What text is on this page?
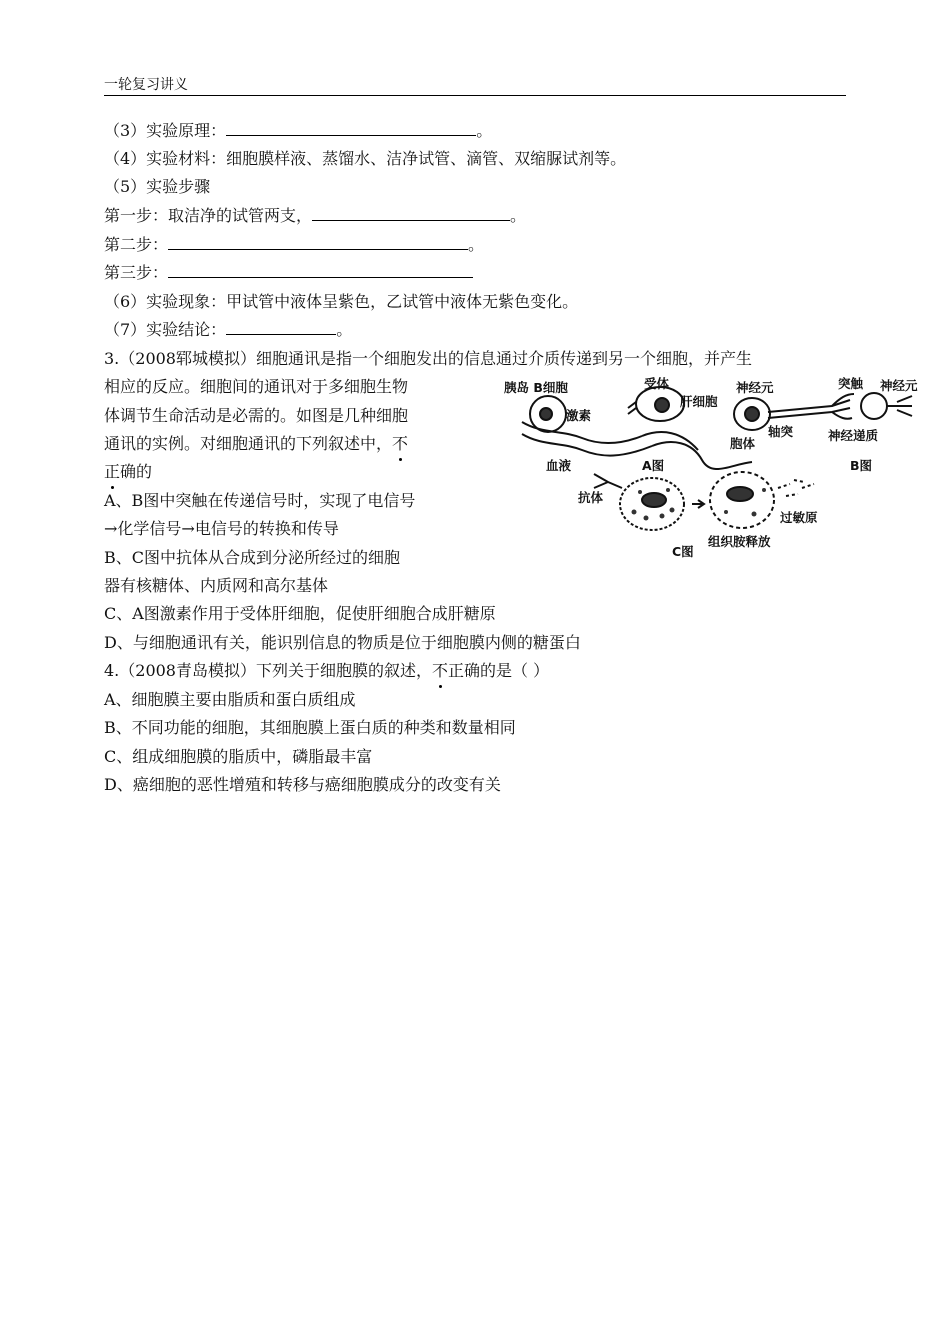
一轮复习讲义
（3）实验原理：	。
（4）实验材料：细胞膜样液、蒸馏水、洁净试管、滴管、双缩脲试剂等。
（5）实验步骤
第一步：取洁净的试管两支，	。
第二步：	。
第三步：
（6）实验现象：甲试管中液体呈紫色，乙试管中液体无紫色变化。
（7）实验结论：	。
3.（2008郓城模拟）细胞通讯是指一个细胞发出的信息通过介质传递到另一个细胞，并产生
相应的反应。细胞间的通讯对于多细胞生物
体调节生命活动是必需的。如图是几种细胞
通讯的实例。对细胞通讯的下列叙述中，不
正确的
A、B图中突触在传递信号时，实现了电信号
→化学信号→电信号的转换和传导
B、C图中抗体从合成到分泌所经过的细胞
器有核糖体、内质网和高尔基体
C、A图激素作用于受体肝细胞，促使肝细胞合成肝糖原
D、与细胞通讯有关，能识别信息的物质是位于细胞膜内侧的糖蛋白
胰岛 B细胞	受体
肝细胞
激素
血液	A图
神经元	突触 神经元
轴突
胞体
神经递质
B图
抗体
过敏原
组织胺释放
C图
4.（2008青岛模拟）下列关于细胞膜的叙述，不正确的是（ ）
A、细胞膜主要由脂质和蛋白质组成
B、不同功能的细胞，其细胞膜上蛋白质的种类和数量相同
C、组成细胞膜的脂质中，磷脂最丰富
D、癌细胞的恶性增殖和转移与癌细胞膜成分的改变有关
